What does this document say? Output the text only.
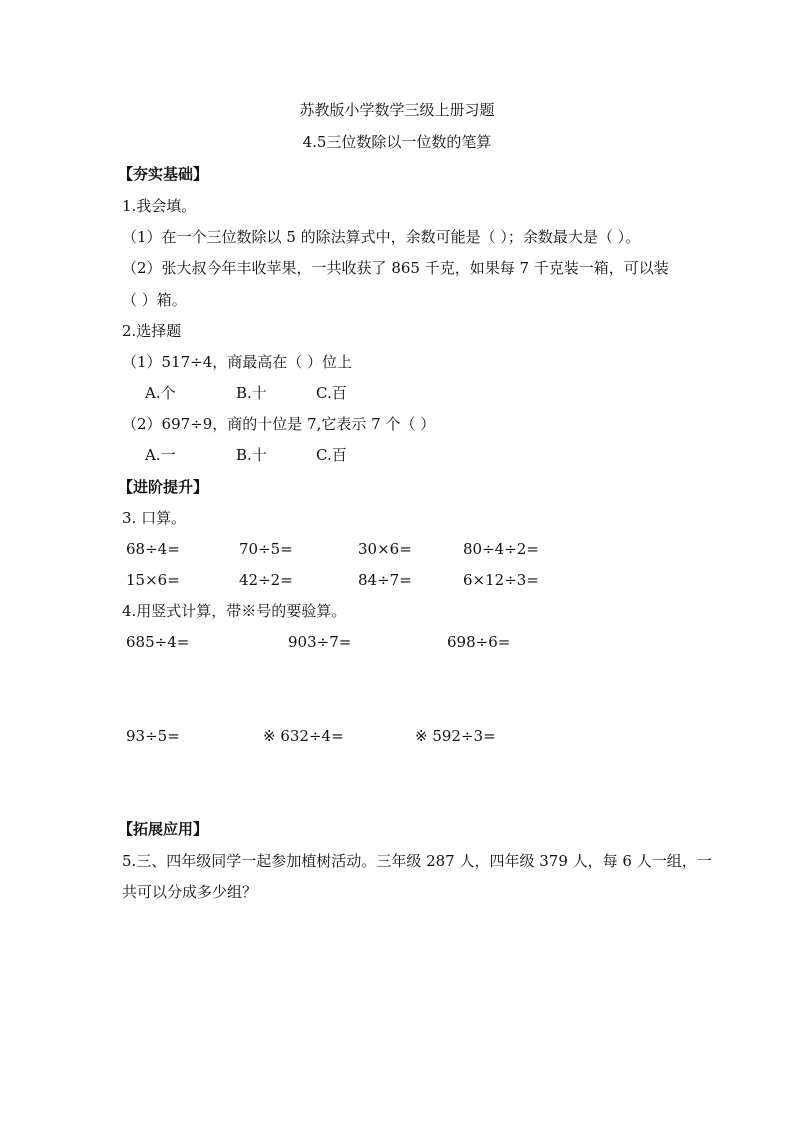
苏教版小学数学三级上册习题
4.5三位数除以一位数的笔算
【夯实基础】
1.我会填。
（1）在一个三位数除以 5 的除法算式中，余数可能是（ ）；余数最大是（ ）。
（2）张大叔今年丰收苹果，一共收获了 865 千克，如果每 7 千克装一箱，可以装
（ ）箱。
2.选择题
（1）517÷4，商最高在（ ）位上
A.个	B.十	C.百
（2）697÷9，商的十位是 7,它表示 7 个（ ）
A.一	B.十	C.百
【进阶提升】
3. 口算。
68÷4=	70÷5=	30×6=	80÷4÷2=
15×6=	42÷2=	84÷7=	6×12÷3=
4.用竖式计算，带※号的要验算。
685÷4=	903÷7=	698÷6=
93÷5=	※ 632÷4=	※ 592÷3=
【拓展应用】
5.三、四年级同学一起参加植树活动。三年级 287 人，四年级 379 人，每 6 人一组，一
共可以分成多少组？
